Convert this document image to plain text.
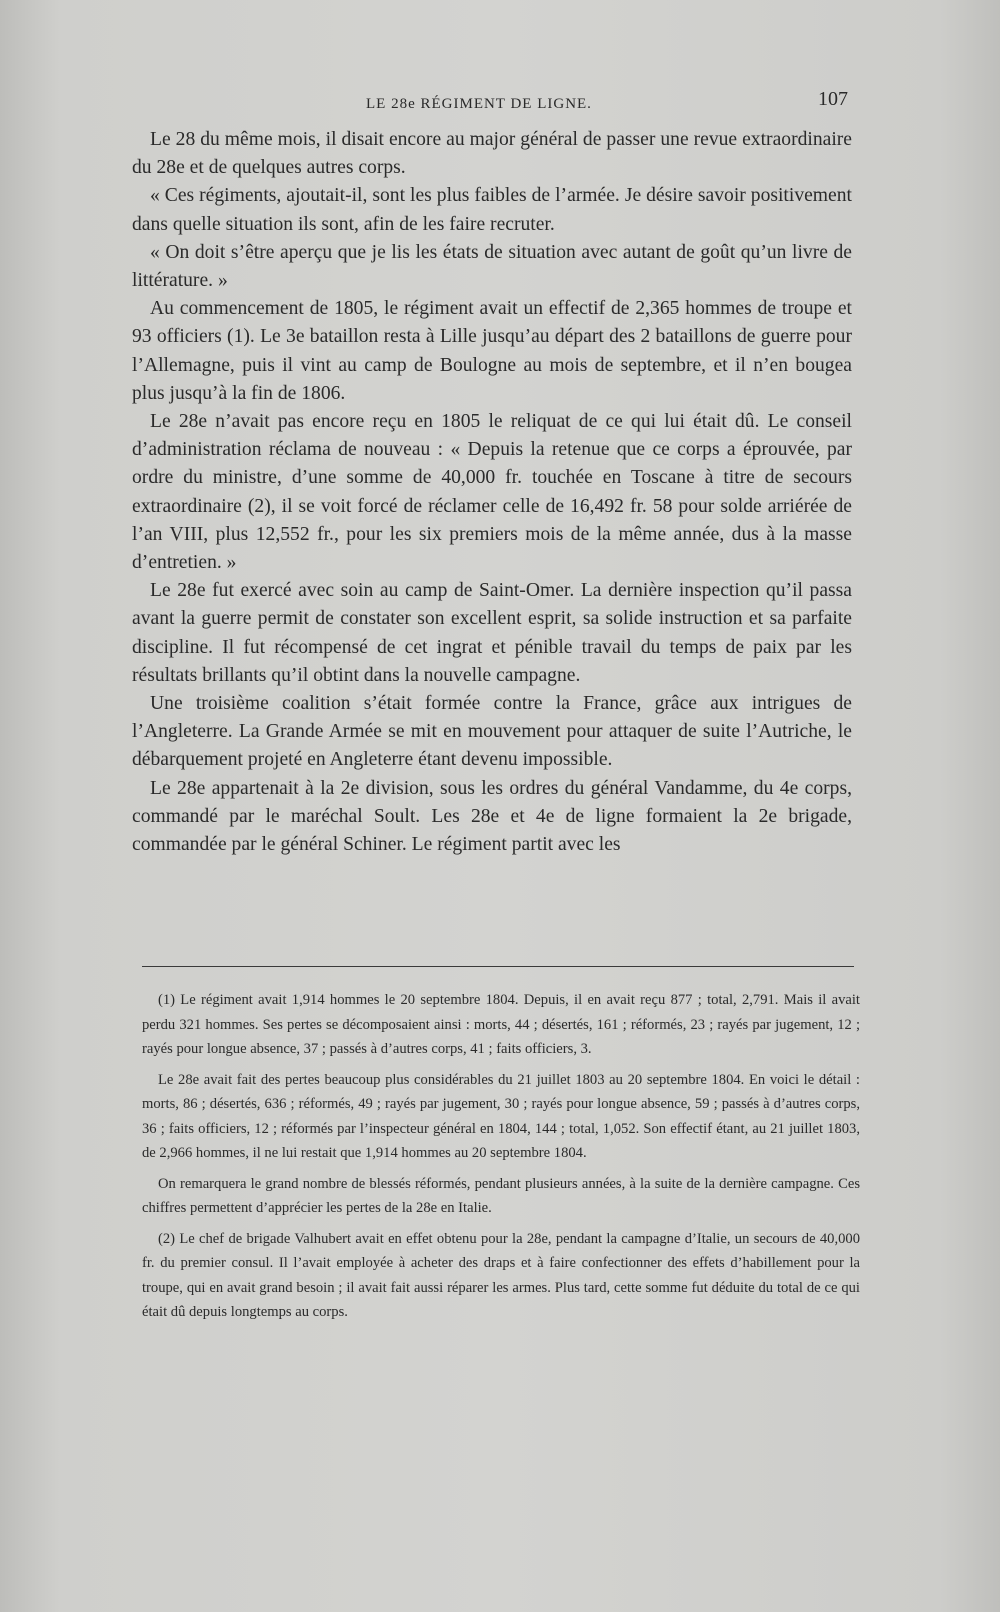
LE 28e RÉGIMENT DE LIGNE.	107

Le 28 du même mois, il disait encore au major général de passer une revue extraordinaire du 28e et de quelques autres corps.

« Ces régiments, ajoutait-il, sont les plus faibles de l’armée. Je désire savoir positivement dans quelle situation ils sont, afin de les faire recruter.

« On doit s’être aperçu que je lis les états de situation avec autant de goût qu’un livre de littérature. »

Au commencement de 1805, le régiment avait un effectif de 2,365 hommes de troupe et 93 officiers (1). Le 3e bataillon resta à Lille jusqu’au départ des 2 bataillons de guerre pour l’Allemagne, puis il vint au camp de Boulogne au mois de septembre, et il n’en bougea plus jusqu’à la fin de 1806.

Le 28e n’avait pas encore reçu en 1805 le reliquat de ce qui lui était dû. Le conseil d’administration réclama de nouveau : « Depuis la retenue que ce corps a éprouvée, par ordre du ministre, d’une somme de 40,000 fr. touchée en Toscane à titre de secours extraordinaire (2), il se voit forcé de réclamer celle de 16,492 fr. 58 pour solde arriérée de l’an VIII, plus 12,552 fr., pour les six premiers mois de la même année, dus à la masse d’entretien. »

Le 28e fut exercé avec soin au camp de Saint-Omer. La dernière inspection qu’il passa avant la guerre permit de constater son excellent esprit, sa solide instruction et sa parfaite discipline. Il fut récompensé de cet ingrat et pénible travail du temps de paix par les résultats brillants qu’il obtint dans la nouvelle campagne.

Une troisième coalition s’était formée contre la France, grâce aux intrigues de l’Angleterre. La Grande Armée se mit en mouvement pour attaquer de suite l’Autriche, le débarquement projeté en Angleterre étant devenu impossible.

Le 28e appartenait à la 2e division, sous les ordres du général Vandamme, du 4e corps, commandé par le maréchal Soult. Les 28e et 4e de ligne formaient la 2e brigade, commandée par le général Schiner. Le régiment partit avec les

(1) Le régiment avait 1,914 hommes le 20 septembre 1804. Depuis, il en avait reçu 877 ; total, 2,791. Mais il avait perdu 321 hommes. Ses pertes se décomposaient ainsi : morts, 44 ; désertés, 161 ; réformés, 23 ; rayés par jugement, 12 ; rayés pour longue absence, 37 ; passés à d’autres corps, 41 ; faits officiers, 3.

Le 28e avait fait des pertes beaucoup plus considérables du 21 juillet 1803 au 20 septembre 1804. En voici le détail : morts, 86 ; désertés, 636 ; réformés, 49 ; rayés par jugement, 30 ; rayés pour longue absence, 59 ; passés à d’autres corps, 36 ; faits officiers, 12 ; réformés par l’inspecteur général en 1804, 144 ; total, 1,052. Son effectif étant, au 21 juillet 1803, de 2,966 hommes, il ne lui restait que 1,914 hommes au 20 septembre 1804.

On remarquera le grand nombre de blessés réformés, pendant plusieurs années, à la suite de la dernière campagne. Ces chiffres permettent d’apprécier les pertes de la 28e en Italie.

(2) Le chef de brigade Valhubert avait en effet obtenu pour la 28e, pendant la campagne d’Italie, un secours de 40,000 fr. du premier consul. Il l’avait employée à acheter des draps et à faire confectionner des effets d’habillement pour la troupe, qui en avait grand besoin ; il avait fait aussi réparer les armes. Plus tard, cette somme fut déduite du total de ce qui était dû depuis longtemps au corps.
